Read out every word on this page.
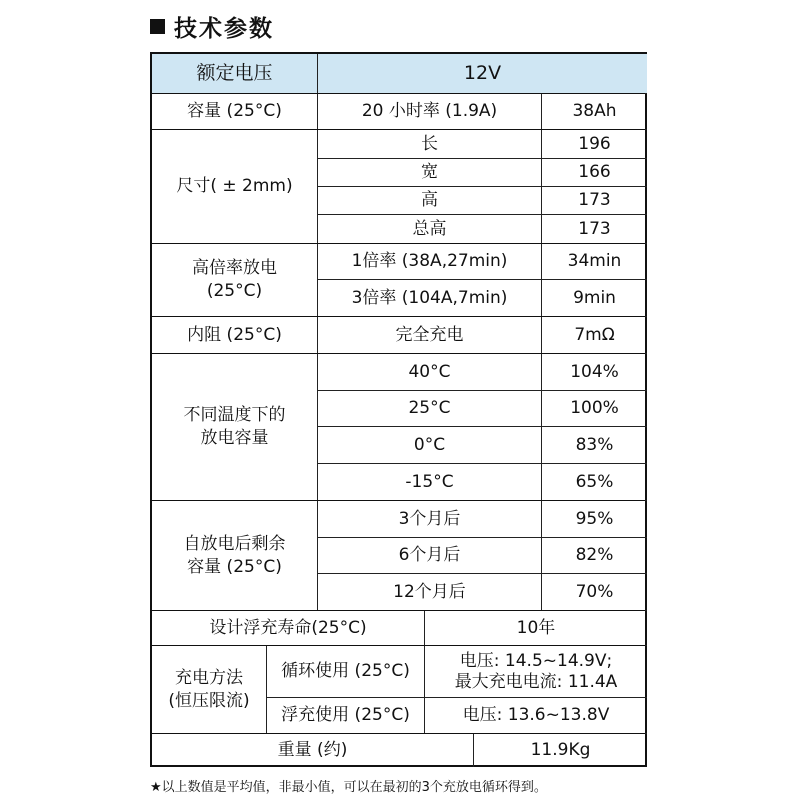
技术参数
额定电压	12V
容量 (25°C)	20 小时率 (1.9A)	38Ah
尺寸( ± 2mm)
长	196
宽	166
高	173
总高	173
高倍率放电
(25°C)
1倍率 (38A,27min)	34min
3倍率 (104A,7min)	9min
内阻 (25°C)	完全充电	7mΩ
不同温度下的
放电容量
40°C	104%
25°C	100%
0°C	83%
-15°C	65%
自放电后剩余
容量 (25°C)
3个月后	95%
6个月后	82%
12个月后	70%
设计浮充寿命(25°C)	10年
充电方法
(恒压限流)
循环使用 (25°C)	电压: 14.5~14.9V;
最大充电电流: 11.4A
浮充使用 (25°C)	电压: 13.6~13.8V
重量 (约)	11.9Kg
★以上数值是平均值，非最小值，可以在最初的3个充放电循环得到。
